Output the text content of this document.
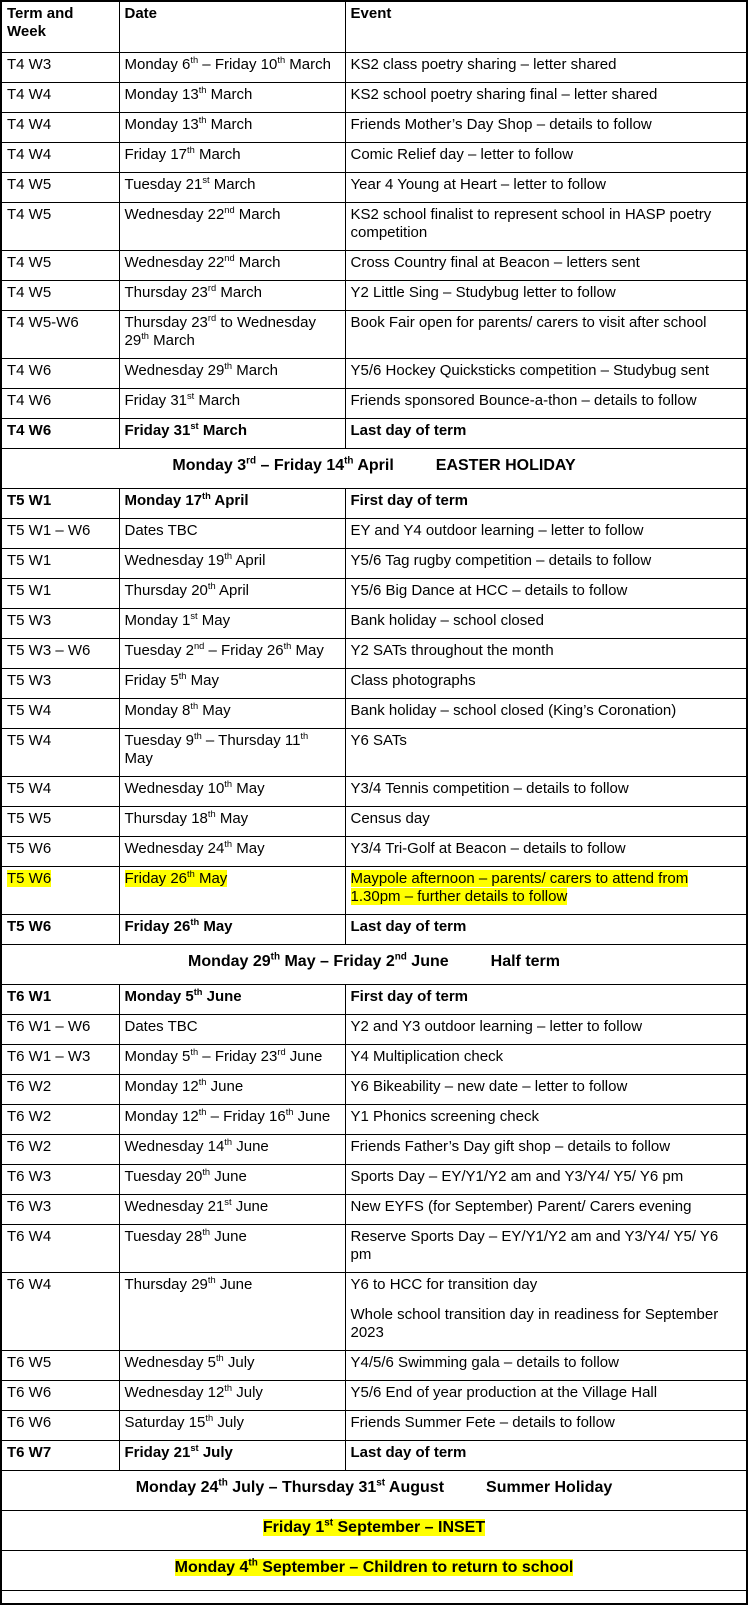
Term and Week	Date	Event
T4 W3	Monday 6th – Friday 10th March	KS2 class poetry sharing – letter shared
T4 W4	Monday 13th March	KS2 school poetry sharing final – letter shared
T4 W4	Monday 13th March	Friends Mother’s Day Shop – details to follow
T4 W4	Friday 17th March	Comic Relief day – letter to follow
T4 W5	Tuesday 21st March	Year 4 Young at Heart – letter to follow
T4 W5	Wednesday 22nd March	KS2 school finalist to represent school in HASP poetry competition
T4 W5	Wednesday 22nd March	Cross Country final at Beacon – letters sent
T4 W5	Thursday 23rd March	Y2 Little Sing – Studybug letter to follow
T4 W5-W6	Thursday 23rd to Wednesday 29th March	Book Fair open for parents/ carers to visit after school
T4 W6	Wednesday 29th March	Y5/6 Hockey Quicksticks competition – Studybug sent
T4 W6	Friday 31st March	Friends sponsored Bounce-a-thon – details to follow
T4 W6	Friday 31st March	Last day of term
Monday 3rd – Friday 14th April EASTER HOLIDAY		
T5 W1	Monday 17th April	First day of term
T5 W1 – W6	Dates TBC	EY and Y4 outdoor learning – letter to follow
T5 W1	Wednesday 19th April	Y5/6 Tag rugby competition – details to follow
T5 W1	Thursday 20th April	Y5/6 Big Dance at HCC – details to follow
T5 W3	Monday 1st May	Bank holiday – school closed
T5 W3 – W6	Tuesday 2nd – Friday 26th May	Y2 SATs throughout the month
T5 W3	Friday 5th May	Class photographs
T5 W4	Monday 8th May	Bank holiday – school closed (King’s Coronation)
T5 W4	Tuesday 9th – Thursday 11th May	Y6 SATs
T5 W4	Wednesday 10th May	Y3/4 Tennis competition – details to follow
T5 W5	Thursday 18th May	Census day
T5 W6	Wednesday 24th May	Y3/4 Tri-Golf at Beacon – details to follow
T5 W6	Friday 26th May	Maypole afternoon – parents/ carers to attend from 1.30pm – further details to follow
T5 W6	Friday 26th May	Last day of term
Monday 29th May – Friday 2nd June Half term		
T6 W1	Monday 5th June	First day of term
T6 W1 – W6	Dates TBC	Y2 and Y3 outdoor learning – letter to follow
T6 W1 – W3	Monday 5th – Friday 23rd June	Y4 Multiplication check
T6 W2	Monday 12th June	Y6 Bikeability – new date – letter to follow
T6 W2	Monday 12th – Friday 16th June	Y1 Phonics screening check
T6 W2	Wednesday 14th June	Friends Father’s Day gift shop – details to follow
T6 W3	Tuesday 20th June	Sports Day – EY/Y1/Y2 am and Y3/Y4/ Y5/ Y6 pm
T6 W3	Wednesday 21st June	New EYFS (for September) Parent/ Carers evening
T6 W4	Tuesday 28th June	Reserve Sports Day – EY/Y1/Y2 am and Y3/Y4/ Y5/ Y6 pm
T6 W4	Thursday 29th June	Y6 to HCC for transition day
Whole school transition day in readiness for September 2023

T6 W5	Wednesday 5th July	Y4/5/6 Swimming gala – details to follow
T6 W6	Wednesday 12th July	Y5/6 End of year production at the Village Hall
T6 W6	Saturday 15th July	Friends Summer Fete – details to follow
T6 W7	Friday 21st July	Last day of term
Monday 24th July – Thursday 31st August Summer Holiday		
Friday 1st September – INSET		
Monday 4th September – Children to return to school		
